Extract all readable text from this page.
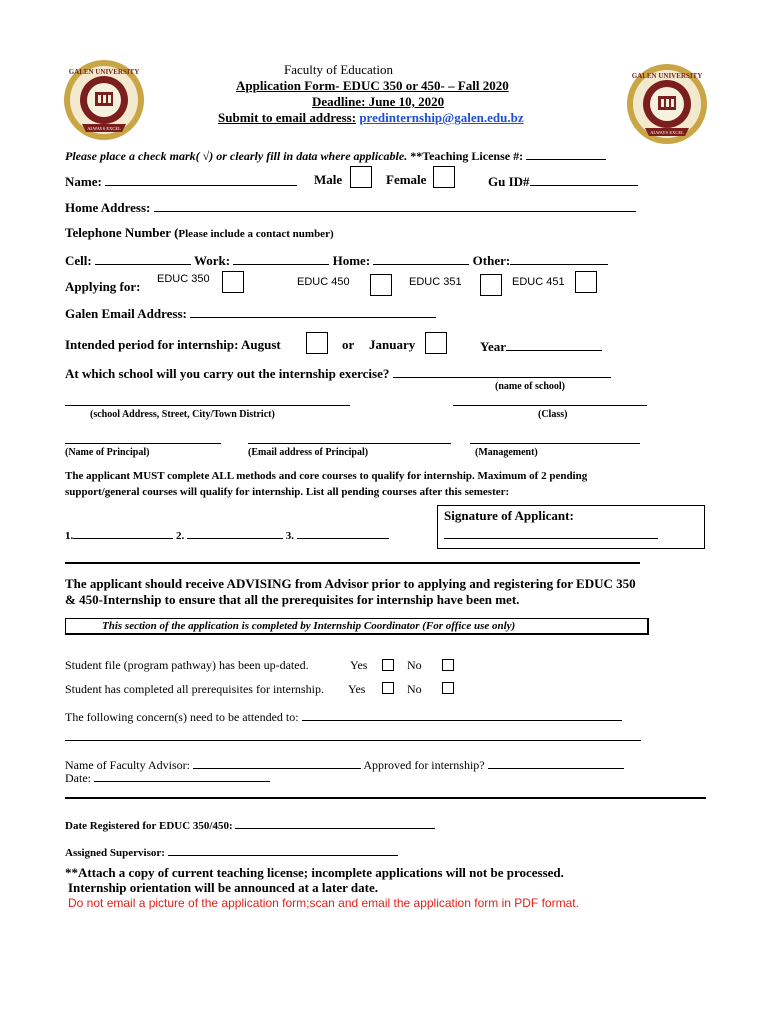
GALEN UNIVERSITY
ALWAYS EXCEL
GALEN UNIVERSITY
ALWAYS EXCEL
Faculty of Education
Application Form- EDUC 350 or 450- – Fall 2020
Deadline: June 10, 2020
Submit to email address: predinternship@galen.edu.bz
Please place a check mark( √) or clearly fill in data where applicable. **Teaching License #:
Name:	Male	Female	Gu ID#
Home Address:
Telephone Number (Please include a contact number)
Cell:	Work:	Home:	Other:
Applying for: EDUC 350	EDUC 450	EDUC 351	EDUC 451
Galen Email Address:
Intended period for internship: August	or January	Year
At which school will you carry out the internship exercise?
(name of school)
(school Address, Street, City/Town District)	(Class)
(Name of Principal)	(Email address of Principal)	(Management)
The applicant MUST complete ALL methods and core courses to qualify for internship. Maximum of 2 pending
support/general courses will qualify for internship. List all pending courses after this semester:
1.	2.	3.
Signature of Applicant:
The applicant should receive ADVISING from Advisor prior to applying and registering for EDUC 350
& 450-Internship to ensure that all the prerequisites for internship have been met.
This section of the application is completed by Internship Coordinator (For office use only)
Student file (program pathway) has been up-dated.	Yes	No
Student has completed all prerequisites for internship. Yes	No
The following concern(s) need to be attended to:
Name of Faculty Advisor:	Approved for internship?
Date:
Date Registered for EDUC 350/450:
Assigned Supervisor:
**Attach a copy of current teaching license; incomplete applications will not be processed.
Internship orientation will be announced at a later date.
Do not email a picture of the application form;scan and email the application form in PDF format.
